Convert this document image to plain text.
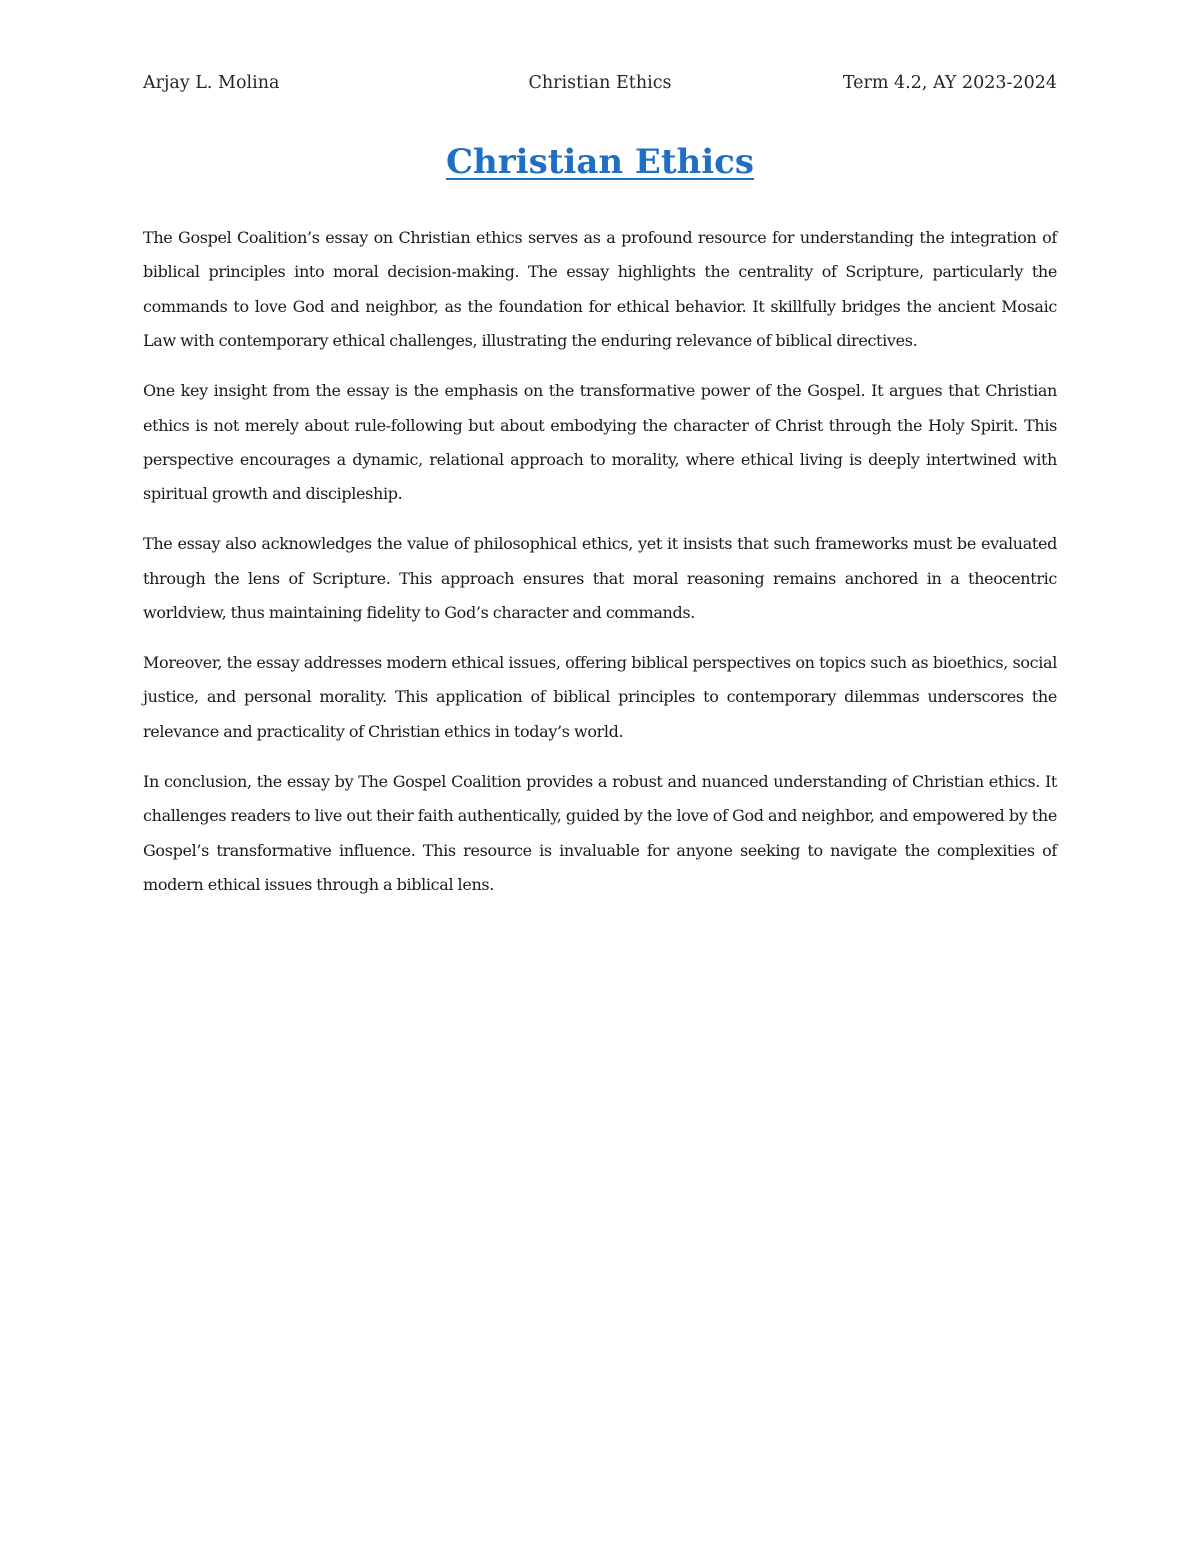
Arjay L. Molina	Christian Ethics	Term 4.2, AY 2023-2024
Christian Ethics

The Gospel Coalition’s essay on Christian ethics serves as a profound resource for understanding the integration of biblical principles into moral decision-making. The essay highlights the centrality of Scripture, particularly the commands to love God and neighbor, as the foundation for ethical behavior. It skillfully bridges the ancient Mosaic Law with contemporary ethical challenges, illustrating the enduring relevance of biblical directives.

One key insight from the essay is the emphasis on the transformative power of the Gospel. It argues that Christian ethics is not merely about rule-following but about embodying the character of Christ through the Holy Spirit. This perspective encourages a dynamic, relational approach to morality, where ethical living is deeply intertwined with spiritual growth and discipleship.

The essay also acknowledges the value of philosophical ethics, yet it insists that such frameworks must be evaluated through the lens of Scripture. This approach ensures that moral reasoning remains anchored in a theocentric worldview, thus maintaining fidelity to God’s character and commands.

Moreover, the essay addresses modern ethical issues, offering biblical perspectives on topics such as bioethics, social justice, and personal morality. This application of biblical principles to contemporary dilemmas underscores the relevance and practicality of Christian ethics in today’s world.

In conclusion, the essay by The Gospel Coalition provides a robust and nuanced understanding of Christian ethics. It challenges readers to live out their faith authentically, guided by the love of God and neighbor, and empowered by the Gospel’s transformative influence. This resource is invaluable for anyone seeking to navigate the complexities of modern ethical issues through a biblical lens.
